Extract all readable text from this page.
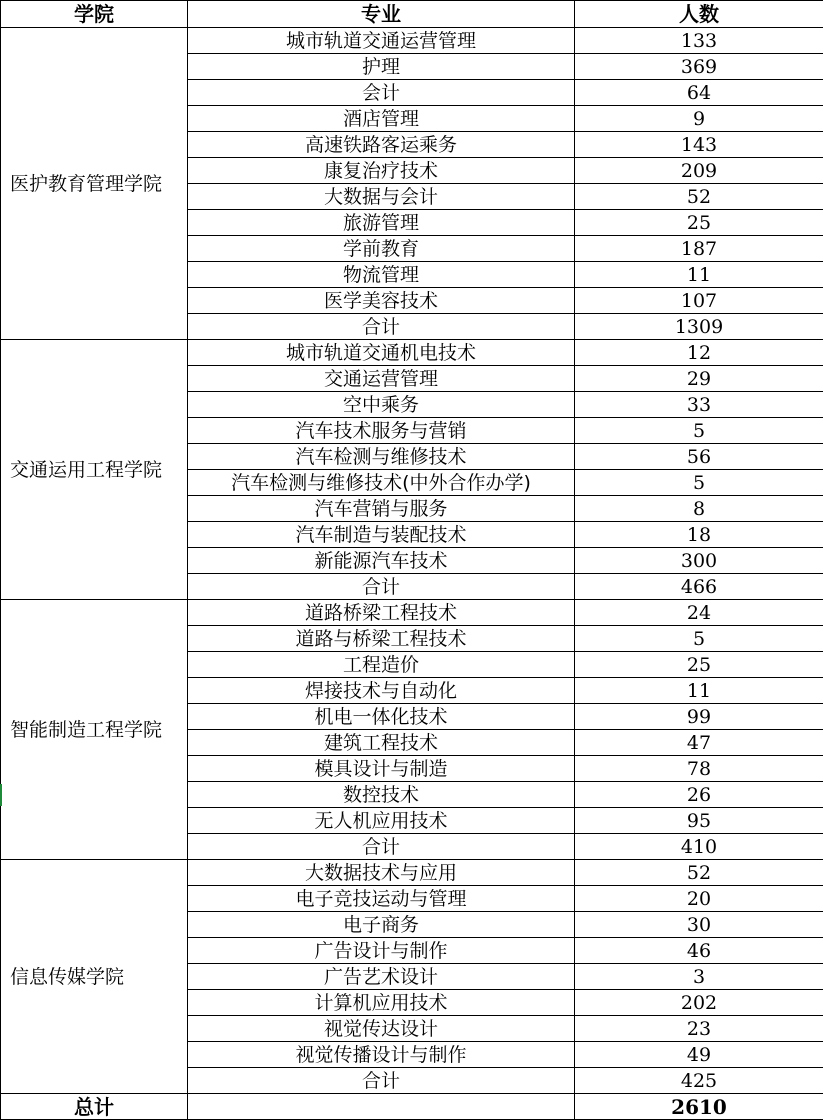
学院	专业	人数
医护教育管理学院	城市轨道交通运营管理	133
	护理	369
	会计	64
	酒店管理	9
	高速铁路客运乘务	143
	康复治疗技术	209
	大数据与会计	52
	旅游管理	25
	学前教育	187
	物流管理	11
	医学美容技术	107
	合计	1309
交通运用工程学院	城市轨道交通机电技术	12
	交通运营管理	29
	空中乘务	33
	汽车技术服务与营销	5
	汽车检测与维修技术	56
	汽车检测与维修技术(中外合作办学)	5
	汽车营销与服务	8
	汽车制造与装配技术	18
	新能源汽车技术	300
	合计	466
智能制造工程学院	道路桥梁工程技术	24
	道路与桥梁工程技术	5
	工程造价	25
	焊接技术与自动化	11
	机电一体化技术	99
	建筑工程技术	47
	模具设计与制造	78
	数控技术	26
	无人机应用技术	95
	合计	410
信息传媒学院	大数据技术与应用	52
	电子竞技运动与管理	20
	电子商务	30
	广告设计与制作	46
	广告艺术设计	3
	计算机应用技术	202
	视觉传达设计	23
	视觉传播设计与制作	49
	合计	425
总计		2610
